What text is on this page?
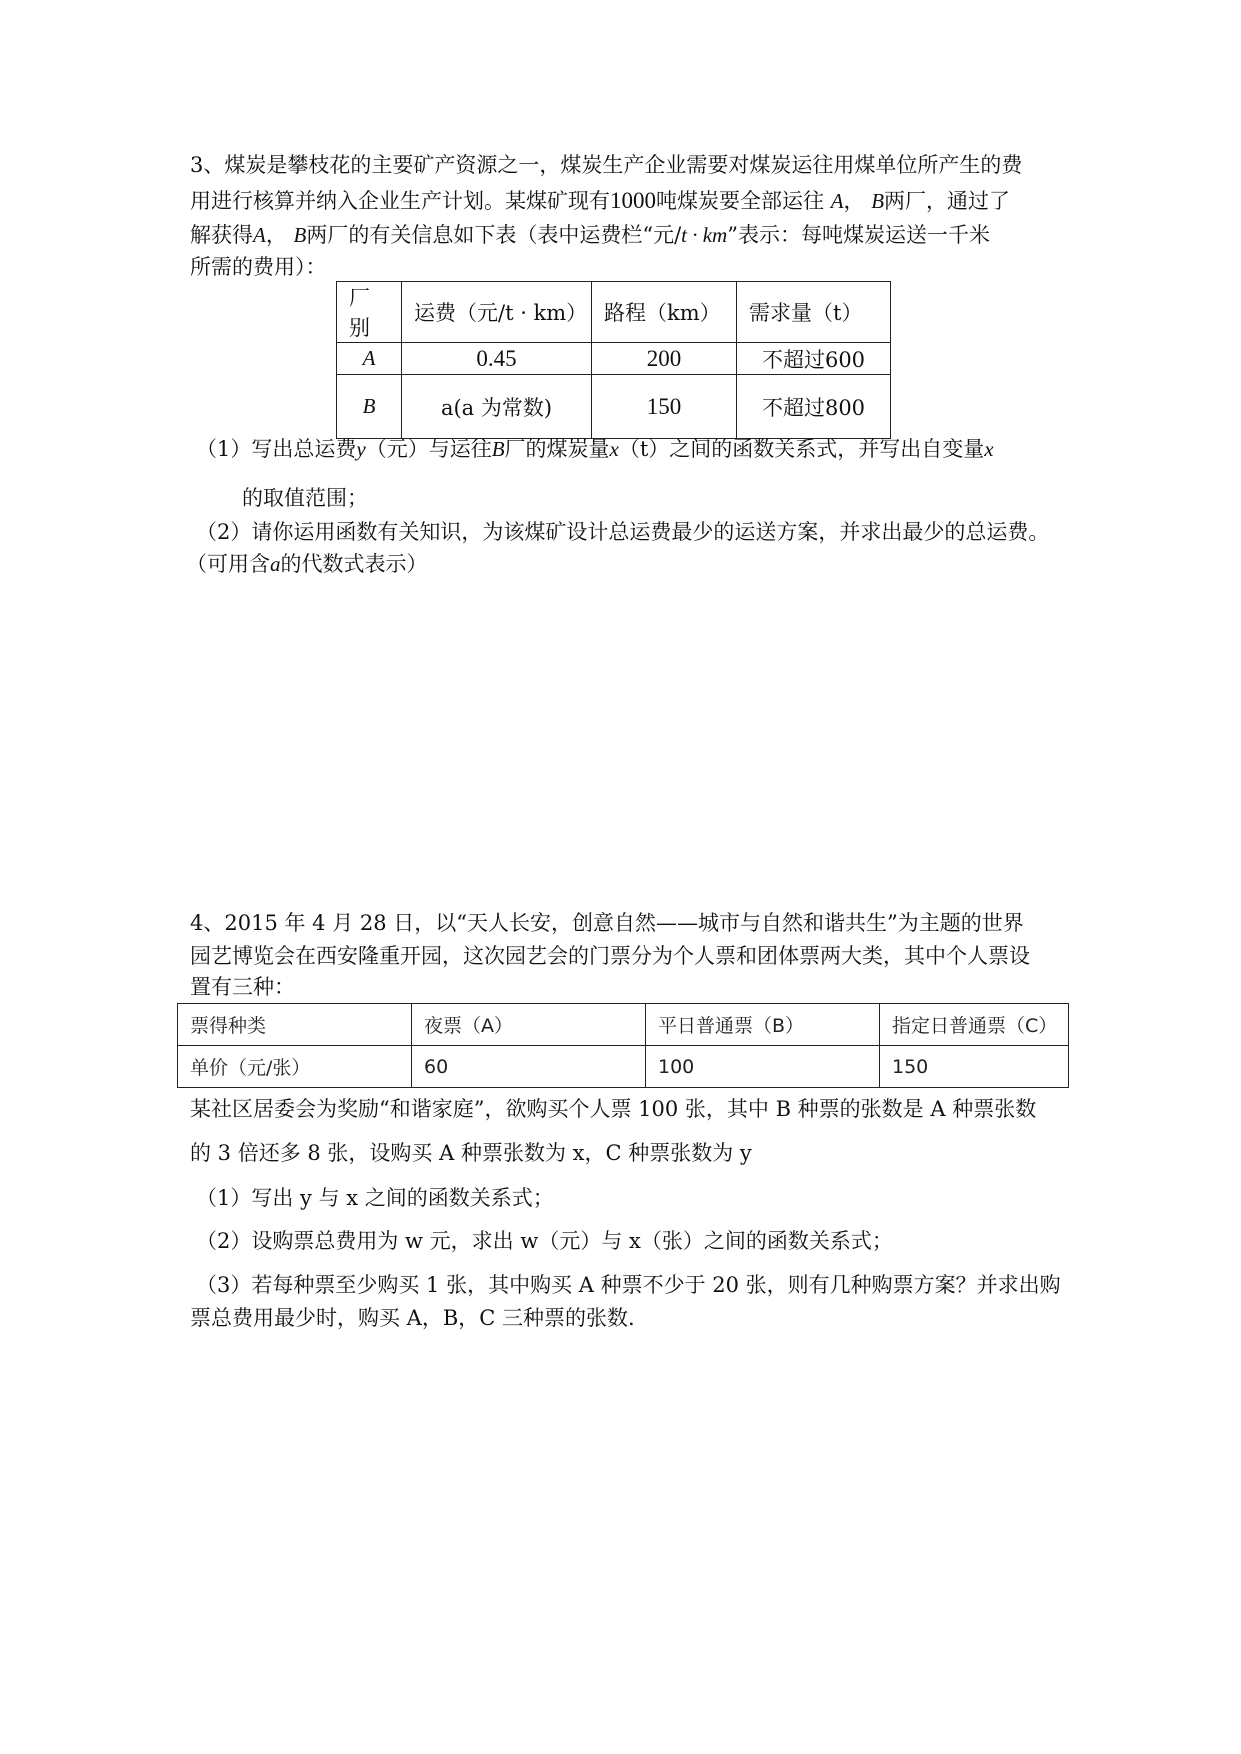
3、煤炭是攀枝花的主要矿产资源之一，煤炭生产企业需要对煤炭运往用煤单位所产生的费
用进行核算并纳入企业生产计划。某煤矿现有1000吨煤炭要全部运往 A， B两厂，通过了
解获得A， B两厂的有关信息如下表（表中运费栏“元/t · km”表示：每吨煤炭运送一千米
所需的费用）：
厂别	运费（元/t · km）	路程（km）	需求量（t）
A	0.45	200	不超过600
B	a(a 为常数)	150	不超过800
（1）写出总运费y（元）与运往B厂的煤炭量x（t）之间的函数关系式，并写出自变量x
的取值范围；
（2）请你运用函数有关知识，为该煤矿设计总运费最少的运送方案，并求出最少的总运费。
（可用含a的代数式表示）
4、2015 年 4 月 28 日，以“天人长安，创意自然——城市与自然和谐共生”为主题的世界
园艺博览会在西安隆重开园，这次园艺会的门票分为个人票和团体票两大类，其中个人票设
置有三种：
票得种类	夜票（A）	平日普通票（B）	指定日普通票（C）
单价（元/张）	60	100	150
某社区居委会为奖励“和谐家庭”，欲购买个人票 100 张，其中 B 种票的张数是 A 种票张数
的 3 倍还多 8 张，设购买 A 种票张数为 x，C 种票张数为 y
（1）写出 y 与 x 之间的函数关系式；
（2）设购票总费用为 w 元，求出 w（元）与 x（张）之间的函数关系式；
（3）若每种票至少购买 1 张，其中购买 A 种票不少于 20 张，则有几种购票方案？并求出购
票总费用最少时，购买 A，B，C 三种票的张数.
